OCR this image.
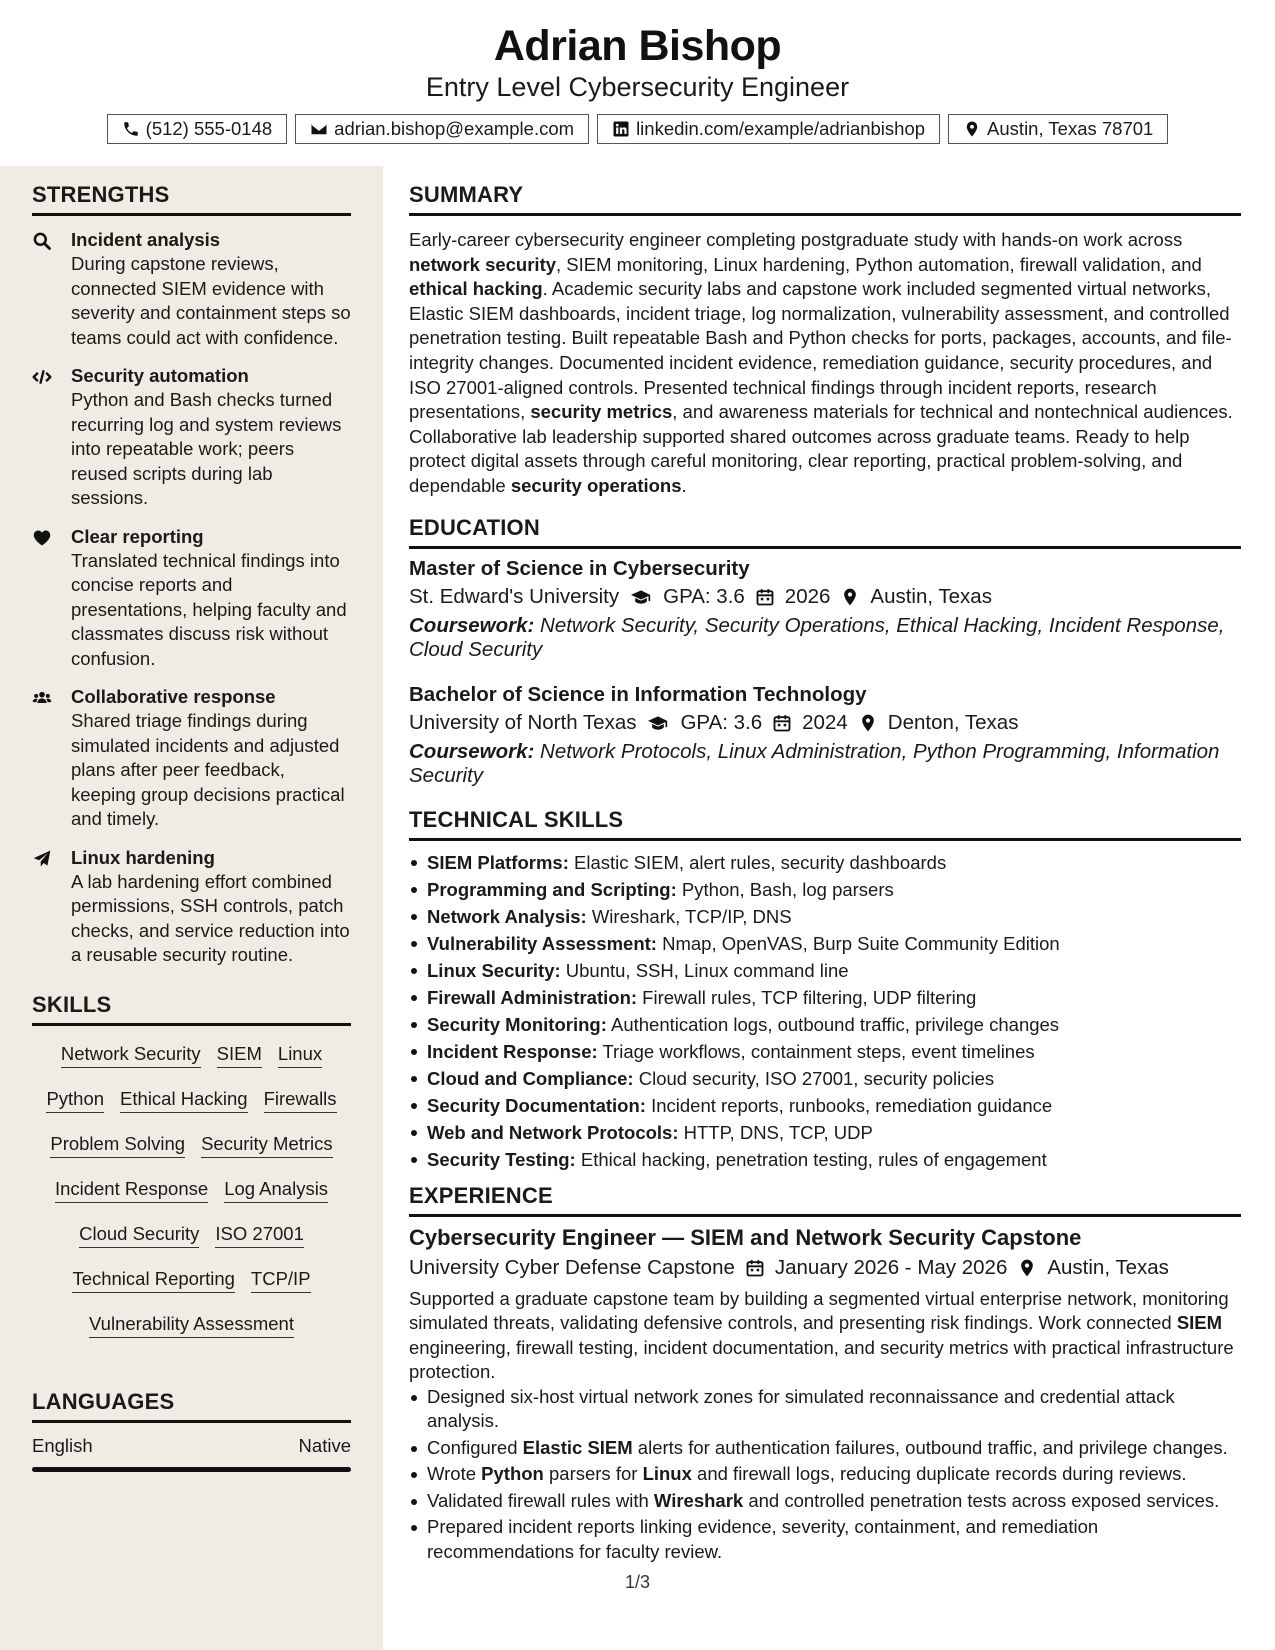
Adrian Bishop
Entry Level Cybersecurity Engineer
(512) 555-0148	adrian.bishop@example.com	linkedin.com/example/adrianbishop	Austin, Texas 78701
STRENGTHS
Incident analysis
During capstone reviews, connected SIEM evidence with severity and containment steps so teams could act with confidence.
Security automation
Python and Bash checks turned recurring log and system reviews into repeatable work; peers reused scripts during lab sessions.
Clear reporting
Translated technical findings into concise reports and presentations, helping faculty and classmates discuss risk without confusion.
Collaborative response
Shared triage findings during simulated incidents and adjusted plans after peer feedback, keeping group decisions practical and timely.
Linux hardening
A lab hardening effort combined permissions, SSH controls, patch checks, and service reduction into a reusable security routine.
SKILLS
Network Security SIEM Linux
Python Ethical Hacking Firewalls
Problem Solving Security Metrics
Incident Response Log Analysis
Cloud Security ISO 27001
Technical Reporting TCP/IP
Vulnerability Assessment
LANGUAGES
English	Native
SUMMARY

Early-career cybersecurity engineer completing postgraduate study with hands-on work across network security, SIEM monitoring, Linux hardening, Python automation, firewall validation, and ethical hacking. Academic security labs and capstone work included segmented virtual networks, Elastic SIEM dashboards, incident triage, log normalization, vulnerability assessment, and controlled penetration testing. Built repeatable Bash and Python checks for ports, packages, accounts, and file-integrity changes. Documented incident evidence, remediation guidance, security procedures, and ISO 27001-aligned controls. Presented technical findings through incident reports, research presentations, security metrics, and awareness materials for technical and nontechnical audiences. Collaborative lab leadership supported shared outcomes across graduate teams. Ready to help protect digital assets through careful monitoring, clear reporting, practical problem-solving, and dependable security operations.

EDUCATION
Master of Science in Cybersecurity
St. Edward's University GPA: 3.6 2026 Austin, Texas
Coursework: Network Security, Security Operations, Ethical Hacking, Incident Response, Cloud Security
Bachelor of Science in Information Technology
University of North Texas GPA: 3.6 2024 Denton, Texas
Coursework: Network Protocols, Linux Administration, Python Programming, Information Security
TECHNICAL SKILLS
SIEM Platforms: Elastic SIEM, alert rules, security dashboards
Programming and Scripting: Python, Bash, log parsers
Network Analysis: Wireshark, TCP/IP, DNS
Vulnerability Assessment: Nmap, OpenVAS, Burp Suite Community Edition
Linux Security: Ubuntu, SSH, Linux command line
Firewall Administration: Firewall rules, TCP filtering, UDP filtering
Security Monitoring: Authentication logs, outbound traffic, privilege changes
Incident Response: Triage workflows, containment steps, event timelines
Cloud and Compliance: Cloud security, ISO 27001, security policies
Security Documentation: Incident reports, runbooks, remediation guidance
Web and Network Protocols: HTTP, DNS, TCP, UDP
Security Testing: Ethical hacking, penetration testing, rules of engagement
EXPERIENCE
Cybersecurity Engineer — SIEM and Network Security Capstone
University Cyber Defense Capstone January 2026 - May 2026 Austin, Texas

Supported a graduate capstone team by building a segmented virtual enterprise network, monitoring simulated threats, validating defensive controls, and presenting risk findings. Work connected SIEM engineering, firewall testing, incident documentation, and security metrics with practical infrastructure protection.

Designed six-host virtual network zones for simulated reconnaissance and credential attack analysis.
Configured Elastic SIEM alerts for authentication failures, outbound traffic, and privilege changes.
Wrote Python parsers for Linux and firewall logs, reducing duplicate records during reviews.
Validated firewall rules with Wireshark and controlled penetration tests across exposed services.
Prepared incident reports linking evidence, severity, containment, and remediation recommendations for faculty review.
1/3
